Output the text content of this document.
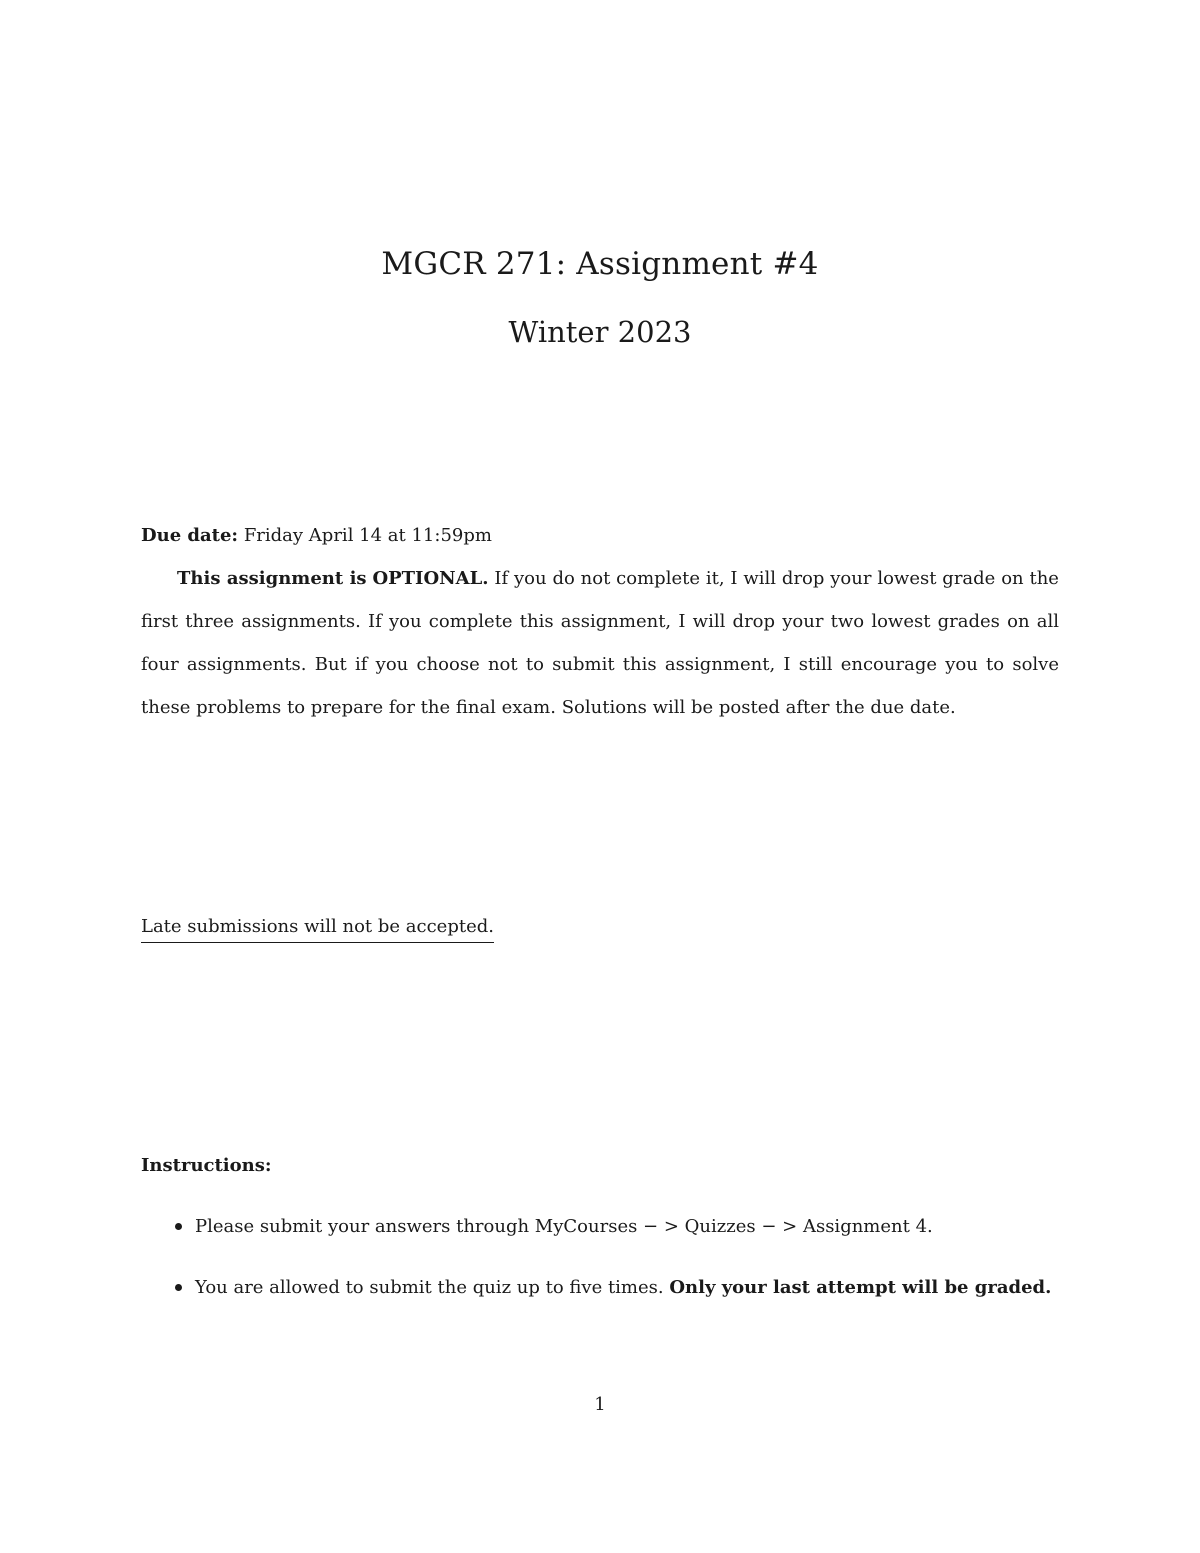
MGCR 271: Assignment #4
Winter 2023
Due date: Friday April 14 at 11:59pm
This assignment is OPTIONAL. If you do not complete it, I will drop your lowest grade on the first three assignments. If you complete this assignment, I will drop your two lowest grades on all four assignments. But if you choose not to submit this assignment, I still encourage you to solve these problems to prepare for the final exam. Solutions will be posted after the due date.
Late submissions will not be accepted.
Instructions:
Please submit your answers through MyCourses − > Quizzes − > Assignment 4.
You are allowed to submit the quiz up to five times. Only your last attempt will be graded.
1
